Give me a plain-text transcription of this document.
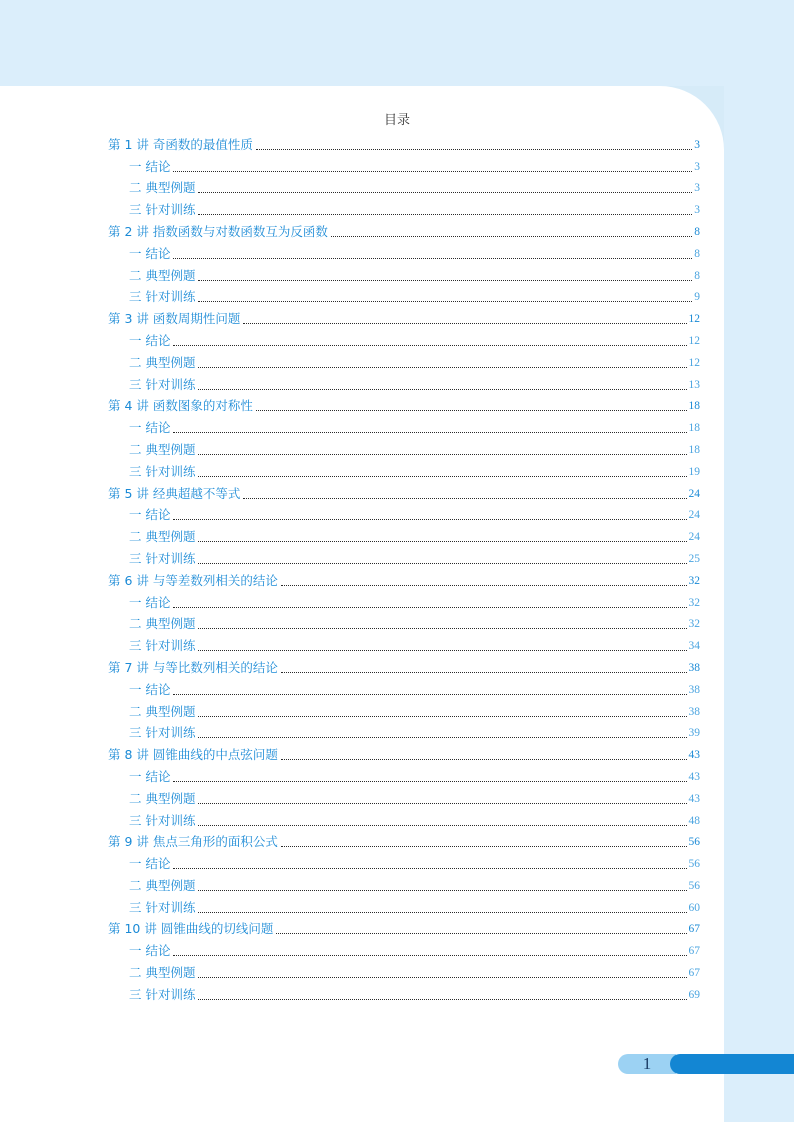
目录
第 1 讲 奇函数的最值性质	3
一 结论	3
二 典型例题	3
三 针对训练	3
第 2 讲 指数函数与对数函数互为反函数	8
一 结论	8
二 典型例题	8
三 针对训练	9
第 3 讲 函数周期性问题	12
一 结论	12
二 典型例题	12
三 针对训练	13
第 4 讲 函数图象的对称性	18
一 结论	18
二 典型例题	18
三 针对训练	19
第 5 讲 经典超越不等式	24
一 结论	24
二 典型例题	24
三 针对训练	25
第 6 讲 与等差数列相关的结论	32
一 结论	32
二 典型例题	32
三 针对训练	34
第 7 讲 与等比数列相关的结论	38
一 结论	38
二 典型例题	38
三 针对训练	39
第 8 讲 圆锥曲线的中点弦问题	43
一 结论	43
二 典型例题	43
三 针对训练	48
第 9 讲 焦点三角形的面积公式	56
一 结论	56
二 典型例题	56
三 针对训练	60
第 10 讲 圆锥曲线的切线问题	67
一 结论	67
二 典型例题	67
三 针对训练	69
1
